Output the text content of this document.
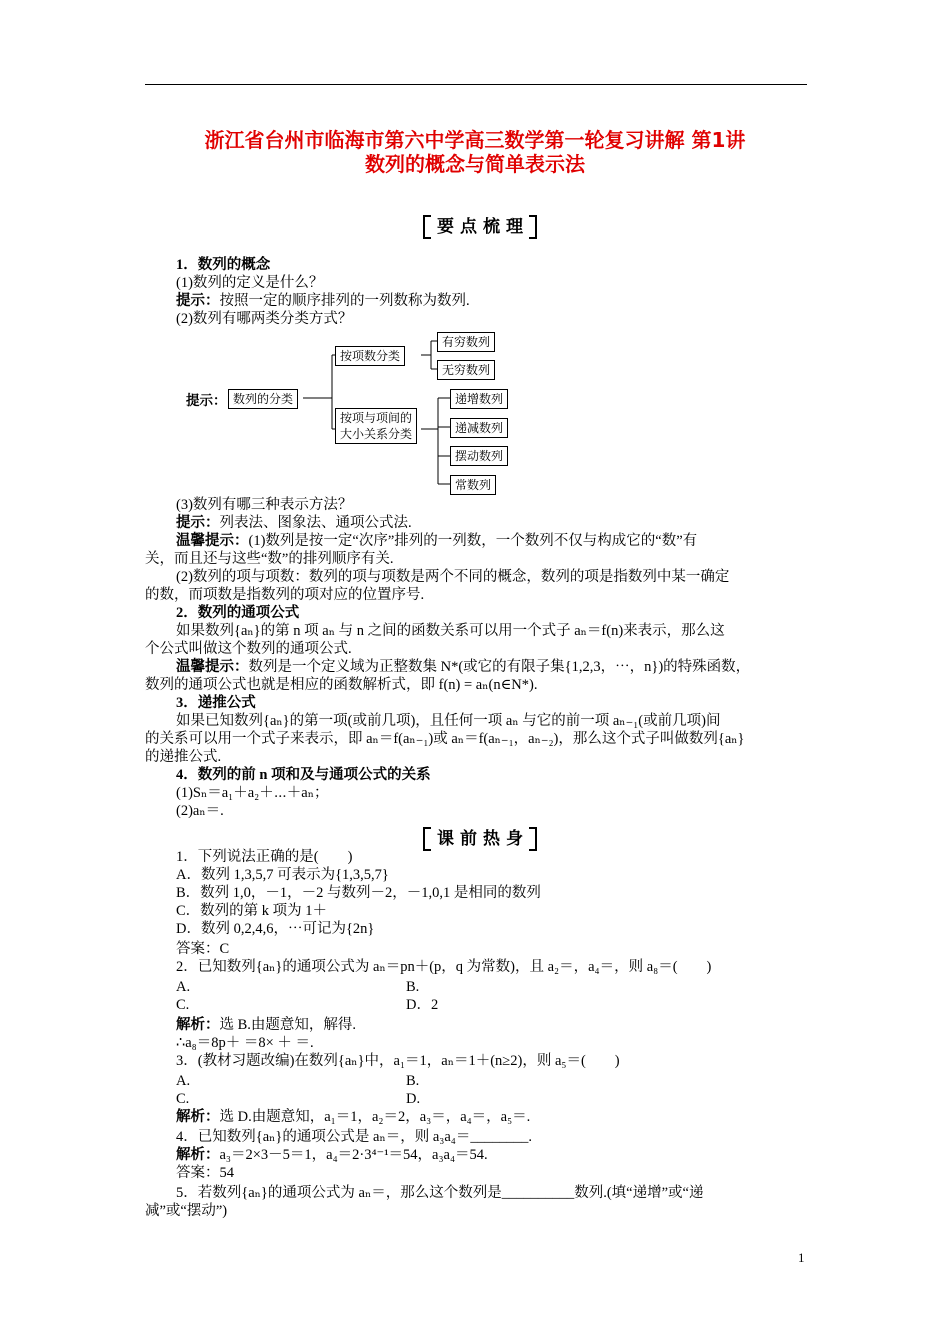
浙江省台州市临海市第六中学高三数学第一轮复习讲解 第1讲
数列的概念与简单表示法
要点梳理
1．数列的概念
(1)数列的定义是什么？
提示：按照一定的顺序排列的一列数称为数列.
(2)数列有哪两类分类方式？
提示： 数列的分类
按项数分类
按项与项间的
大小关系分类
有穷数列
无穷数列
递增数列
递减数列
摆动数列
常数列
(3)数列有哪三种表示方法？
提示：列表法、图象法、通项公式法.
温馨提示：(1)数列是按一定“次序”排列的一列数，一个数列不仅与构成它的“数”有
关，而且还与这些“数”的排列顺序有关.
(2)数列的项与项数：数列的项与项数是两个不同的概念，数列的项是指数列中某一确定
的数，而项数是指数列的项对应的位置序号.
2．数列的通项公式
如果数列{aₙ}的第 n 项 aₙ 与 n 之间的函数关系可以用一个式子 aₙ＝f(n)来表示，那么这
个公式叫做这个数列的通项公式.
温馨提示：数列是一个定义域为正整数集 N*(或它的有限子集{1,2,3，⋯，n})的特殊函数，
数列的通项公式也就是相应的函数解析式，即 f(n) = aₙ(n∈N*).
3．递推公式
如果已知数列{aₙ}的第一项(或前几项)，且任何一项 aₙ 与它的前一项 aₙ₋₁(或前几项)间
的关系可以用一个式子来表示，即 aₙ＝f(aₙ₋₁)或 aₙ＝f(aₙ₋₁，aₙ₋₂)，那么这个式子叫做数列{aₙ}
的递推公式.
4．数列的前 n 项和及与通项公式的关系
(1)Sₙ＝a₁＋a₂＋⋯＋aₙ；
(2)aₙ＝.
课前热身
1．下列说法正确的是(　　)
A．数列 1,3,5,7 可表示为{1,3,5,7}
B．数列 1,0，－1，－2 与数列－2，－1,0,1 是相同的数列
C．数列的第 k 项为 1＋
D．数列 0,2,4,6，⋯可记为{2n}
答案：C
2．已知数列{aₙ}的通项公式为 aₙ＝pn＋(p，q 为常数)，且 a₂＝，a₄＝，则 a₈＝(　　)
A.	B.
C.	D．2
解析：选 B.由题意知，解得.
∴a₈＝8p＋ ＝8× ＋ ＝.
3．(教材习题改编)在数列{aₙ}中，a₁＝1，aₙ＝1＋(n≥2)，则 a₅＝(　　)
A.	B.
C.	D.
解析：选 D.由题意知，a₁＝1，a₂＝2，a₃＝，a₄＝，a₅＝.
4．已知数列{aₙ}的通项公式是 aₙ＝，则 a₃a₄＝________.
解析：a₃＝2×3－5＝1，a₄＝2·3⁴⁻¹＝54，a₃a₄＝54.
答案：54
5．若数列{aₙ}的通项公式为 aₙ＝，那么这个数列是__________数列.(填“递增”或“递
减”或“摆动”)
1
